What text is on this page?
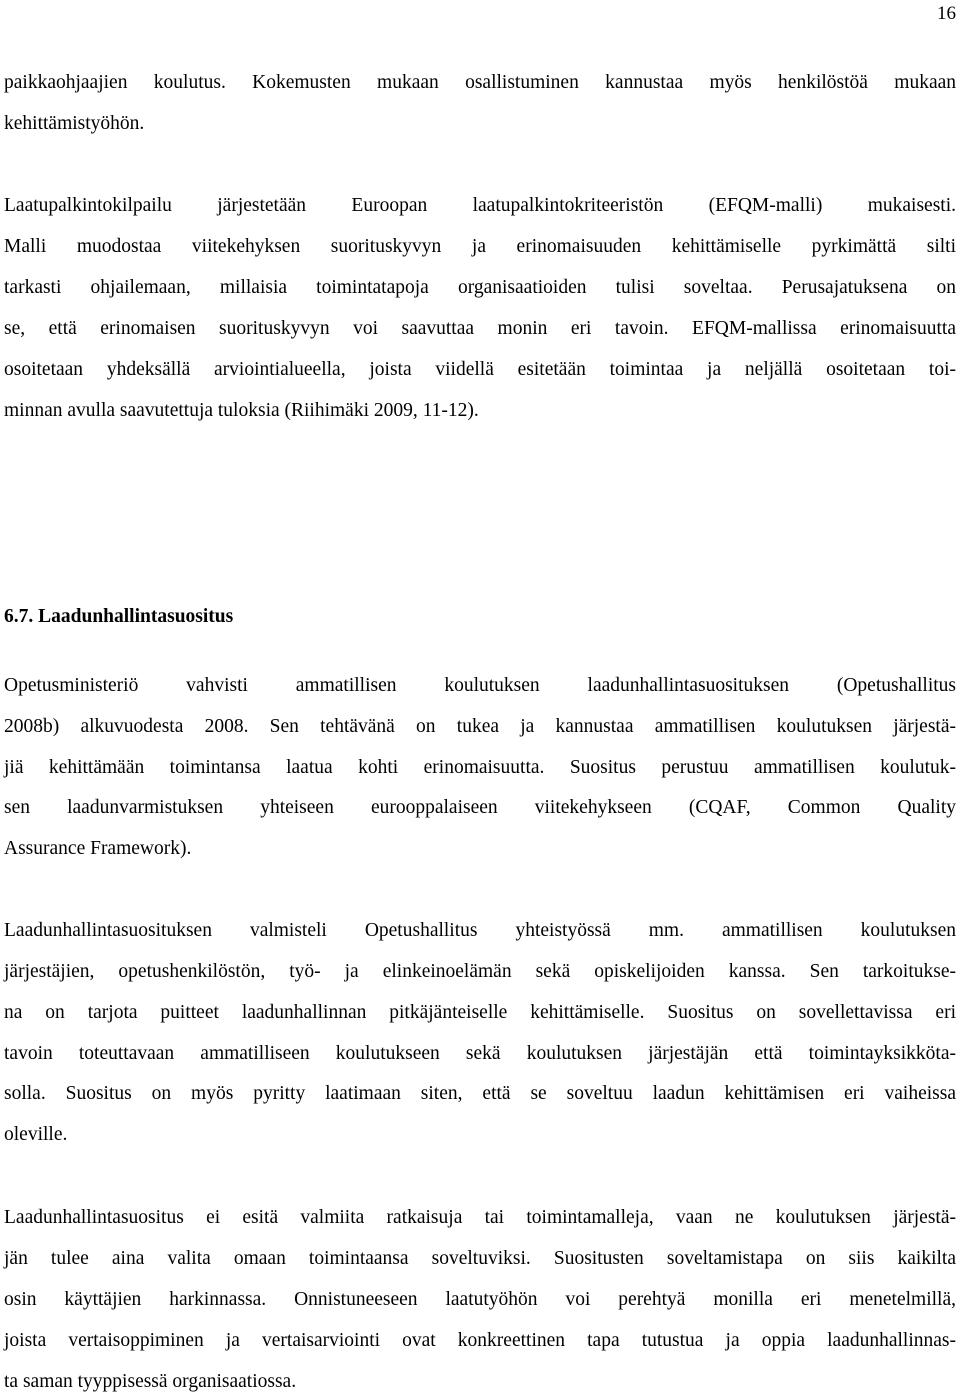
16
paikkaohjaajien koulutus. Kokemusten mukaan osallistuminen kannustaa myös henkilöstöä mukaan
kehittämistyöhön.
Laatupalkintokilpailu järjestetään Euroopan laatupalkintokriteeristön (EFQM-malli) mukaisesti.
Malli muodostaa viitekehyksen suorituskyvyn ja erinomaisuuden kehittämiselle pyrkimättä silti
tarkasti ohjailemaan, millaisia toimintatapoja organisaatioiden tulisi soveltaa. Perusajatuksena on
se, että erinomaisen suorituskyvyn voi saavuttaa monin eri tavoin. EFQM-mallissa erinomaisuutta
osoitetaan yhdeksällä arviointialueella, joista viidellä esitetään toimintaa ja neljällä osoitetaan toi-
minnan avulla saavutettuja tuloksia (Riihimäki 2009, 11-12).
6.7. Laadunhallintasuositus
Opetusministeriö vahvisti ammatillisen koulutuksen laadunhallintasuosituksen (Opetushallitus
2008b) alkuvuodesta 2008. Sen tehtävänä on tukea ja kannustaa ammatillisen koulutuksen järjestä-
jiä kehittämään toimintansa laatua kohti erinomaisuutta. Suositus perustuu ammatillisen koulutuk-
sen laadunvarmistuksen yhteiseen eurooppalaiseen viitekehykseen (CQAF, Common Quality
Assurance Framework).
Laadunhallintasuosituksen valmisteli Opetushallitus yhteistyössä mm. ammatillisen koulutuksen
järjestäjien, opetushenkilöstön, työ- ja elinkeinoelämän sekä opiskelijoiden kanssa. Sen tarkoitukse-
na on tarjota puitteet laadunhallinnan pitkäjänteiselle kehittämiselle. Suositus on sovellettavissa eri
tavoin toteuttavaan ammatilliseen koulutukseen sekä koulutuksen järjestäjän että toimintayksikkötа-
solla. Suositus on myös pyritty laatimaan siten, että se soveltuu laadun kehittämisen eri vaiheissa
oleville.
Laadunhallintasuositus ei esitä valmiita ratkaisuja tai toimintamalleja, vaan ne koulutuksen järjestä-
jän tulee aina valita omaan toimintaansa soveltuviksi. Suositusten soveltamistapa on siis kaikilta
osin käyttäjien harkinnassa. Onnistuneeseen laatutyöhön voi perehtyä monilla eri menetelmillä,
joista vertaisoppiminen ja vertaisarviointi ovat konkreettinen tapa tutustua ja oppia laadunhallinnas-
ta saman tyyppisessä organisaatiossa.
